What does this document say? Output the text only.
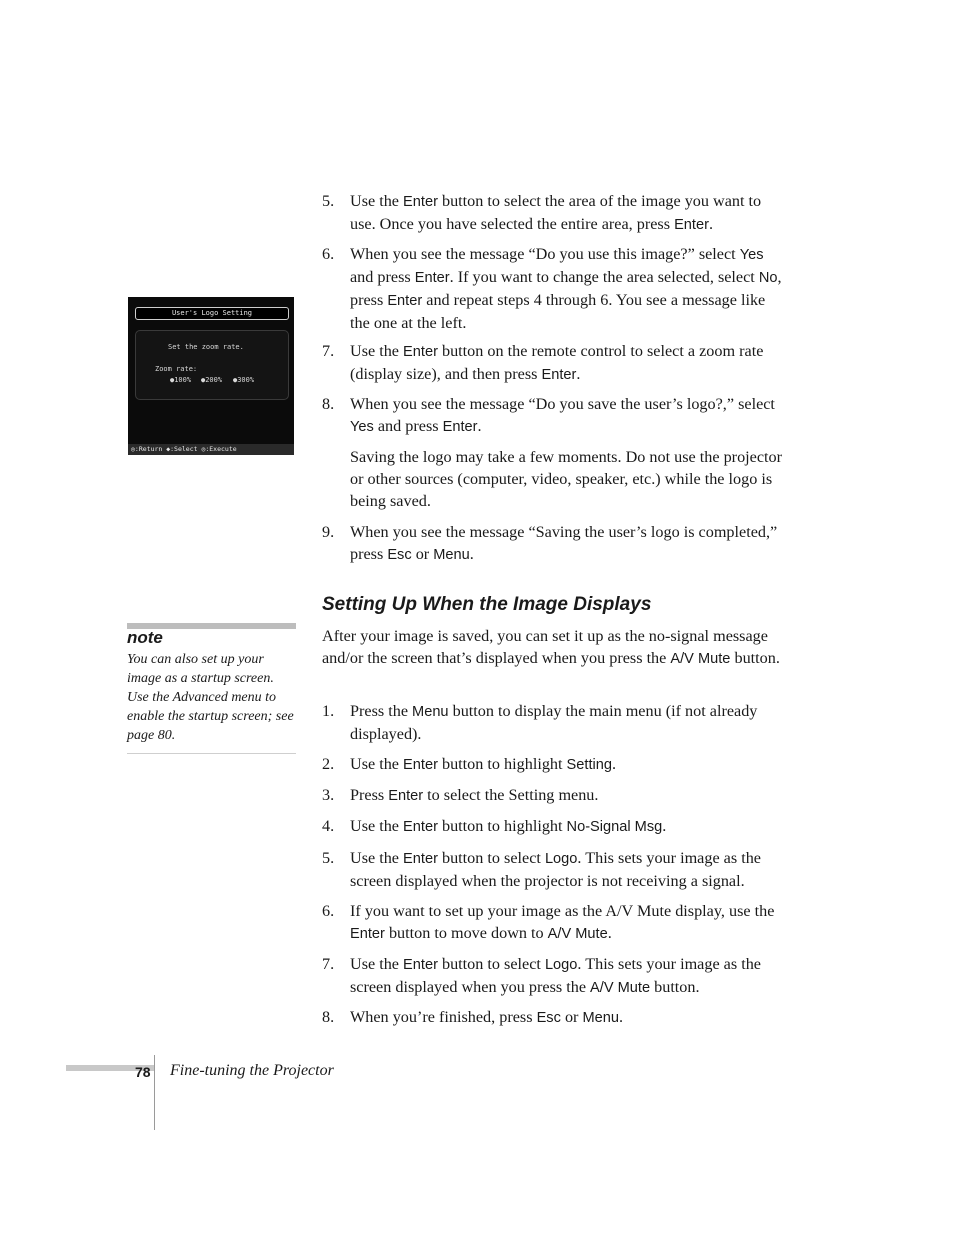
5. Use the Enter button to select the area of the image you want to use. Once you have selected the entire area, press Enter.
6. When you see the message “Do you use this image?” select Yes and press Enter. If you want to change the area selected, select No, press Enter and repeat steps 4 through 6. You see a message like the one at the left.
7. Use the Enter button on the remote control to select a zoom rate (display size), and then press Enter.
8. When you see the message “Do you save the user’s logo?,” select Yes and press Enter.
Saving the logo may take a few moments. Do not use the projector or other sources (computer, video, speaker, etc.) while the logo is being saved.
9. When you see the message “Saving the user’s logo is completed,” press Esc or Menu.
User's Logo Setting
Set the zoom rate.
Zoom rate:
●100% ●200% ●300%
◎:Return ◆:Select ◎:Execute
note
You can also set up your image as a startup screen. Use the Advanced menu to enable the startup screen; see page 80.
Setting Up When the Image Displays
After your image is saved, you can set it up as the no-signal message and/or the screen that’s displayed when you press the A/V Mute button.
1. Press the Menu button to display the main menu (if not already displayed).
2. Use the Enter button to highlight Setting.
3. Press Enter to select the Setting menu.
4. Use the Enter button to highlight No-Signal Msg.
5. Use the Enter button to select Logo. This sets your image as the screen displayed when the projector is not receiving a signal.
6. If you want to set up your image as the A/V Mute display, use the Enter button to move down to A/V Mute.
7. Use the Enter button to select Logo. This sets your image as the screen displayed when you press the A/V Mute button.
8. When you’re finished, press Esc or Menu.
78 Fine-tuning the Projector
